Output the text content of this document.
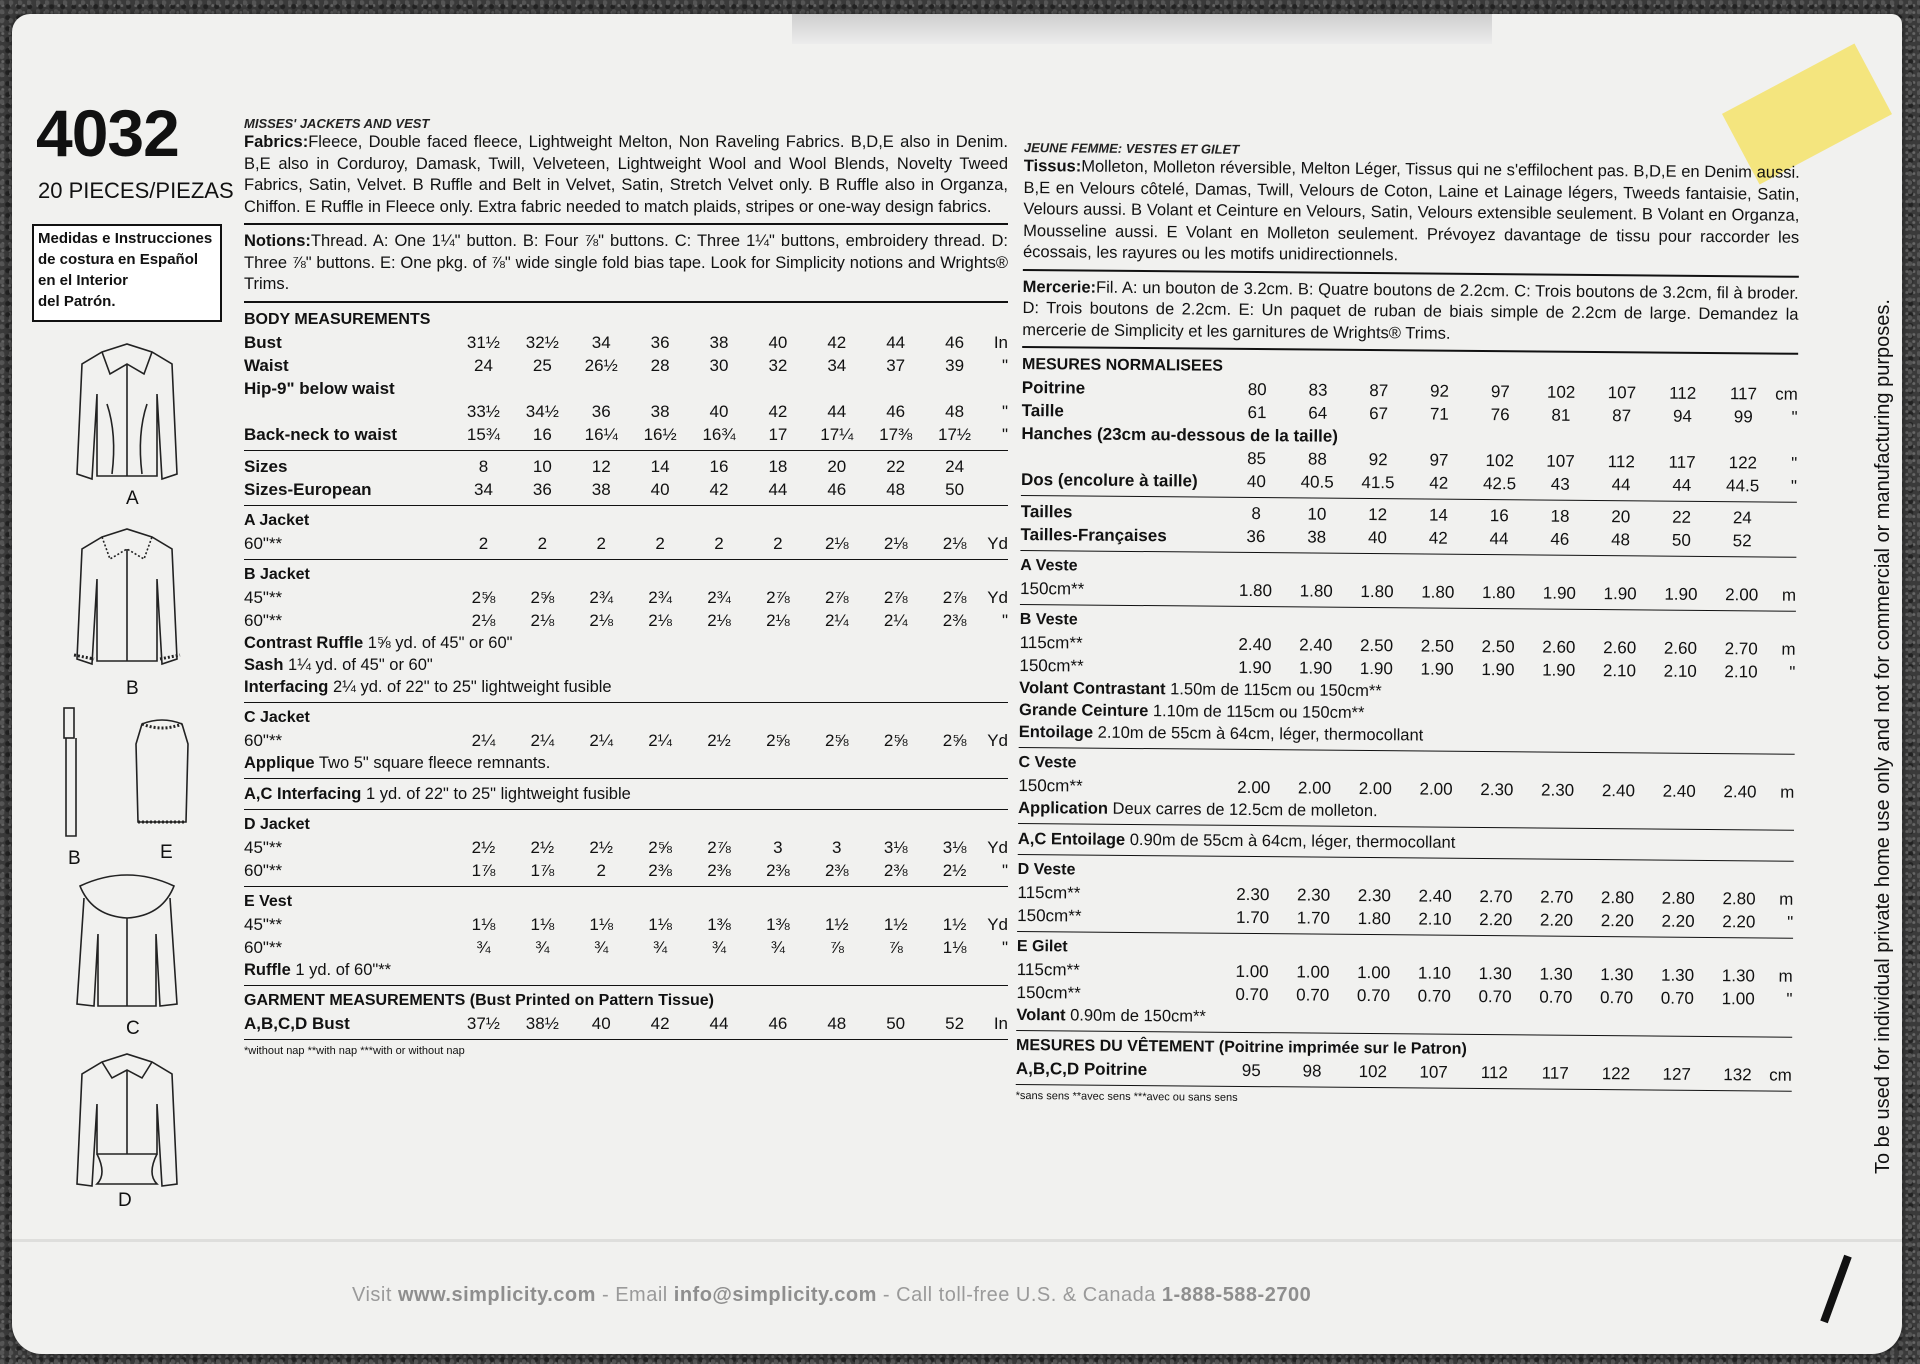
4032
20 PIECES/PIEZAS
Medidas e Instrucciones
de costura en Español
en el Interior
del Patrón.
A
B
B	E
C
D
MISSES' JACKETS AND VEST
Fabrics:Fleece, Double faced fleece, Lightweight Melton, Non Raveling Fabrics. B,D,E also in Denim. B,E also in Corduroy, Damask, Twill, Velveteen, Lightweight Wool and Wool Blends, Novelty Tweed Fabrics, Satin, Velvet. B Ruffle and Belt in Velvet, Satin, Stretch Velvet only. B Ruffle also in Organza, Chiffon. E Ruffle in Fleece only. Extra fabric needed to match plaids, stripes or one-way design fabrics.
Notions:Thread. A: One 1¼" button. B: Four ⅞" buttons. C: Three 1¼" buttons, embroidery thread. D: Three ⅞" buttons. E: One pkg. of ⅞" wide single fold bias tape. Look for Simplicity notions and Wrights® Trims.
BODY MEASUREMENTS
Bust	31½	32½	34	36	38	40	42	44	46	In
Waist	24	25	26½	28	30	32	34	37	39	"
Hip-9" below waist
33½	34½	36	38	40	42	44	46	48	"
Back-neck to waist	15¾	16	16¼	16½	16¾	17	17¼	17⅜	17½	"
Sizes	8	10	12	14	16	18	20	22	24
Sizes-European	34	36	38	40	42	44	46	48	50
A Jacket
60"**	2	2	2	2	2	2	2⅛	2⅛	2⅛	Yd
B Jacket
45"**	2⅝	2⅝	2¾	2¾	2¾	2⅞	2⅞	2⅞	2⅞	Yd
60"**	2⅛	2⅛	2⅛	2⅛	2⅛	2⅛	2¼	2¼	2⅜	"
Contrast Ruffle 1⅝ yd. of 45" or 60"
Sash 1¼ yd. of 45" or 60"
Interfacing 2¼ yd. of 22" to 25" lightweight fusible
C Jacket
60"**	2¼	2¼	2¼	2¼	2½	2⅝	2⅝	2⅝	2⅝	Yd
Applique Two 5" square fleece remnants.
A,C Interfacing 1 yd. of 22" to 25" lightweight fusible
D Jacket
45"**	2½	2½	2½	2⅝	2⅞	3	3	3⅛	3⅛	Yd
60"**	1⅞	1⅞	2	2⅜	2⅜	2⅜	2⅜	2⅜	2½	"
E Vest
45"**	1⅛	1⅛	1⅛	1⅛	1⅜	1⅜	1½	1½	1½	Yd
60"**	¾	¾	¾	¾	¾	¾	⅞	⅞	1⅛	"
Ruffle 1 yd. of 60"**
GARMENT MEASUREMENTS (Bust Printed on Pattern Tissue)
A,B,C,D Bust	37½	38½	40	42	44	46	48	50	52	In
*without nap **with nap ***with or without nap
JEUNE FEMME: VESTES ET GILET
Tissus:Molleton, Molleton réversible, Melton Léger, Tissus qui ne s'effilochent pas. B,D,E en Denim aussi. B,E en Velours côtelé, Damas, Twill, Velours de Coton, Laine et Lainage légers, Tweeds fantaisie, Satin, Velours aussi. B Volant et Ceinture en Velours, Satin, Velours extensible seulement. B Volant en Organza, Mousseline aussi. E Volant en Molleton seulement. Prévoyez davantage de tissu pour raccorder les écossais, les rayures ou les motifs unidirectionnels.
Mercerie:Fil. A: un bouton de 3.2cm. B: Quatre boutons de 2.2cm. C: Trois boutons de 3.2cm, fil à broder. D: Trois boutons de 2.2cm. E: Un paquet de ruban de biais simple de 2.2cm de large. Demandez la mercerie de Simplicity et les garnitures de Wrights® Trims.
MESURES NORMALISEES
Poitrine	80	83	87	92	97	102	107	112	117	cm
Taille	61	64	67	71	76	81	87	94	99	"
Hanches (23cm au-dessous de la taille)
85	88	92	97	102	107	112	117	122	"
Dos (encolure à taille)	40	40.5	41.5	42	42.5	43	44	44	44.5	"
Tailles	8	10	12	14	16	18	20	22	24
Tailles-Françaises	36	38	40	42	44	46	48	50	52
A Veste
150cm**	1.80	1.80	1.80	1.80	1.80	1.90	1.90	1.90	2.00	m
B Veste
115cm**	2.40	2.40	2.50	2.50	2.50	2.60	2.60	2.60	2.70	m
150cm**	1.90	1.90	1.90	1.90	1.90	1.90	2.10	2.10	2.10	"
Volant Contrastant 1.50m de 115cm ou 150cm**
Grande Ceinture 1.10m de 115cm ou 150cm**
Entoilage 2.10m de 55cm à 64cm, léger, thermocollant
C Veste
150cm**	2.00	2.00	2.00	2.00	2.30	2.30	2.40	2.40	2.40	m
Application Deux carres de 12.5cm de molleton.
A,C Entoilage 0.90m de 55cm à 64cm, léger, thermocollant
D Veste
115cm**	2.30	2.30	2.30	2.40	2.70	2.70	2.80	2.80	2.80	m
150cm**	1.70	1.70	1.80	2.10	2.20	2.20	2.20	2.20	2.20	"
E Gilet
115cm**	1.00	1.00	1.00	1.10	1.30	1.30	1.30	1.30	1.30	m
150cm**	0.70	0.70	0.70	0.70	0.70	0.70	0.70	0.70	1.00	"
Volant 0.90m de 150cm**
MESURES DU VÊTEMENT (Poitrine imprimée sur le Patron)
A,B,C,D Poitrine	95	98	102	107	112	117	122	127	132	cm
*sans sens **avec sens ***avec ou sans sens	To be used for individual private home use only and not for commercial or manufacturing purposes.
Visit www.simplicity.com - Email info@simplicity.com - Call toll-free U.S. & Canada 1-888-588-2700
